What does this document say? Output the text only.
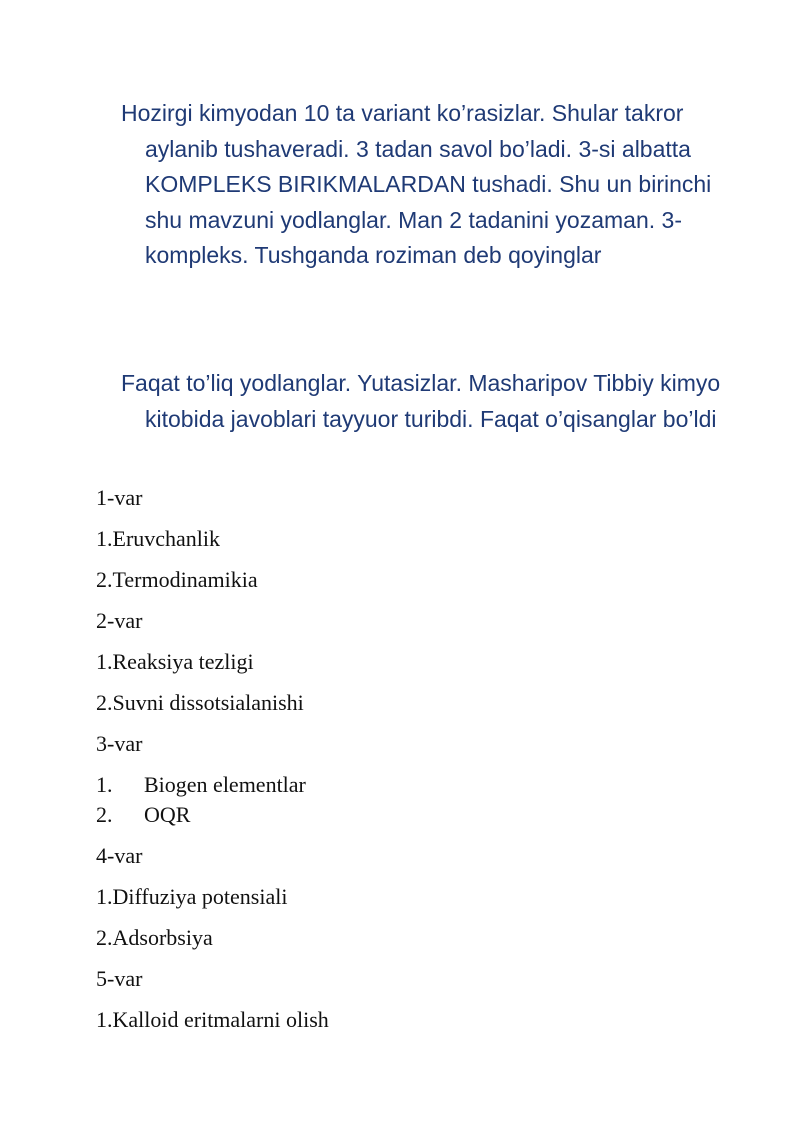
Hozirgi kimyodan 10 ta variant ko’rasizlar. Shular takror aylanib tushaveradi. 3 tadan savol bo’ladi. 3-si albatta KOMPLEKS BIRIKMALARDAN tushadi. Shu un birinchi shu mavzuni yodlanglar. Man 2 tadanini yozaman. 3-kompleks. Tushganda roziman deb qoyinglar

Faqat to’liq yodlanglar. Yutasizlar. Masharipov Tibbiy kimyo kitobida javoblari tayyuor turibdi. Faqat o’qisanglar bo’ldi

1-var
1.Eruvchanlik
2.Termodinamikia
2-var
1.Reaksiya tezligi
2.Suvni dissotsialanishi
3-var
1. Biogen elementlar
2. OQR
4-var
1.Diffuziya potensiali
2.Adsorbsiya
5-var
1.Kalloid eritmalarni olish
